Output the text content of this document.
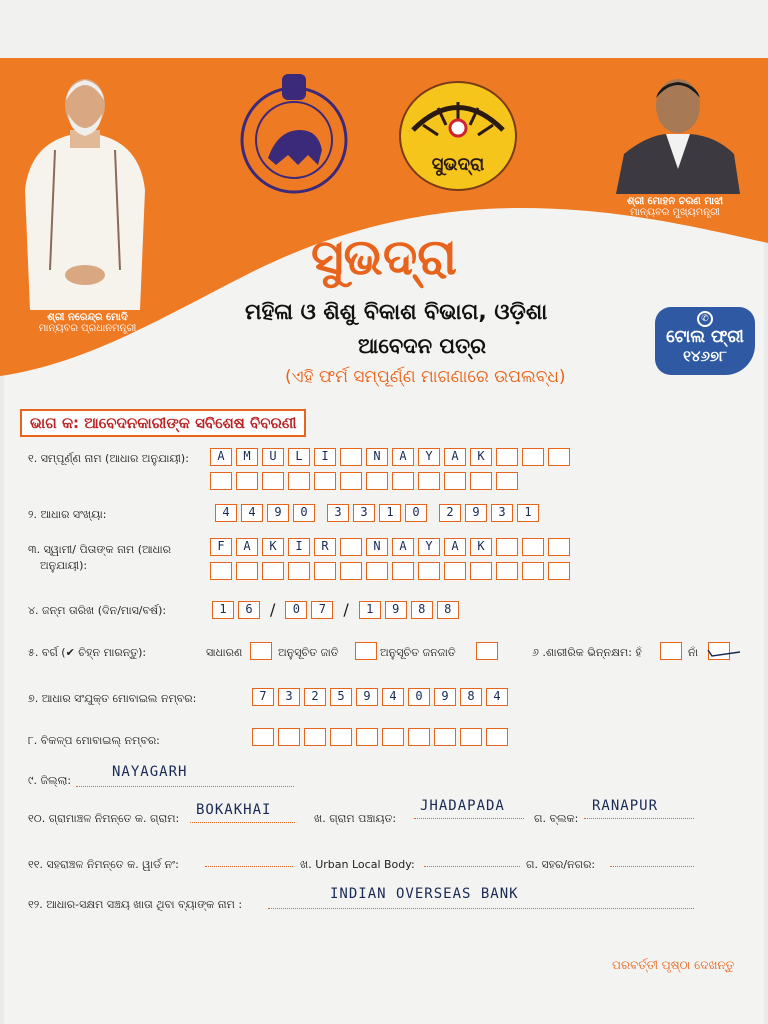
ଶ୍ରୀ ନରେନ୍ଦ୍ର ମୋଦି
ମାନ୍ୟବର ପ୍ରଧାନମନ୍ତ୍ରୀ
ସୁଭଦ୍ରା
ଶ୍ରୀ ମୋହନ ଚରଣ ମାଝୀ
ମାନ୍ୟବର ମୁଖ୍ୟମନ୍ତ୍ରୀ
ସୁଭଦ୍ରା
ମହିଳା ଓ ଶିଶୁ ବିକାଶ ବିଭାଗ, ଓଡ଼ିଶା
ଆବେଦନ ପତ୍ର
(ଏହି ଫର୍ମ ସମ୍ପୂର୍ଣ୍ଣ ମାଗଣାରେ ଉପଲବ୍ଧ)
✆
ଟୋଲ ଫ୍ରୀ
୧୪୬୭୮
ଭାଗ କ: ଆବେଦନକାରୀଙ୍କ ସବିଶେଷ ବିବରଣୀ
୧. ସମ୍ପୂର୍ଣ୍ଣ ନାମ (ଆଧାର ଅନୁଯାୟୀ):	A	M	U	L	I	N	A	Y	A	K
୨. ଆଧାର ସଂଖ୍ୟା:	4	4	9	0	3	3	1	0	2	9	3	1
୩. ସ୍ୱାମୀ/ ପିତାଙ୍କ ନାମ (ଆଧାର
ଅନୁଯାୟୀ):
F	A	K	I	R	N	A	Y	A	K
୪. ଜନ୍ମ ତାରିଖ (ଦିନ/ମାସ/ବର୍ଷ):	1	6	/	0	7	/	1	9	8	8
୫. ବର୍ଗ (✔ ଚିହ୍ନ ମାରନ୍ତୁ):	ସାଧାରଣ	ଅନୁସୂଚିତ ଜାତି	ଅନୁସୂଚିତ ଜନଜାତି	୬ .ଶାରୀରିକ ଭିନ୍ନକ୍ଷମ: ହଁ	ନାଁ
୭. ଆଧାର ସଂଯୁକ୍ତ ମୋବାଇଲ ନମ୍ବର:	7	3	2	5	9	4	0	9	8	4
୮. ବିକଳ୍ପ ମୋବାଇଲ୍ ନମ୍ବର:
୯. ଜିଲ୍ଲା:
NAYAGARH
୧୦. ଗ୍ରାମାଞ୍ଚଳ ନିମନ୍ତେ କ. ଗ୍ରାମ:
BOKAKHAI
ଖ. ଗ୍ରାମ ପଞ୍ଚାୟତ:
JHADAPADA
ଗ. ବ୍ଲକ:
RANAPUR
୧୧. ସହରାଞ୍ଚଳ ନିମନ୍ତେ କ. ୱାର୍ଡ ନଂ:	ଖ. Urban Local Body:	ଗ. ସହର/ନଗର:
୧୨. ଆଧାର-ସକ୍ଷମ ସଞ୍ଚୟ ଖାତା ଥିବା ବ୍ୟାଙ୍କ ନାମ :
INDIAN OVERSEAS BANK
ପରବର୍ତ୍ତୀ ପୃଷ୍ଠା ଦେଖନ୍ତୁ
